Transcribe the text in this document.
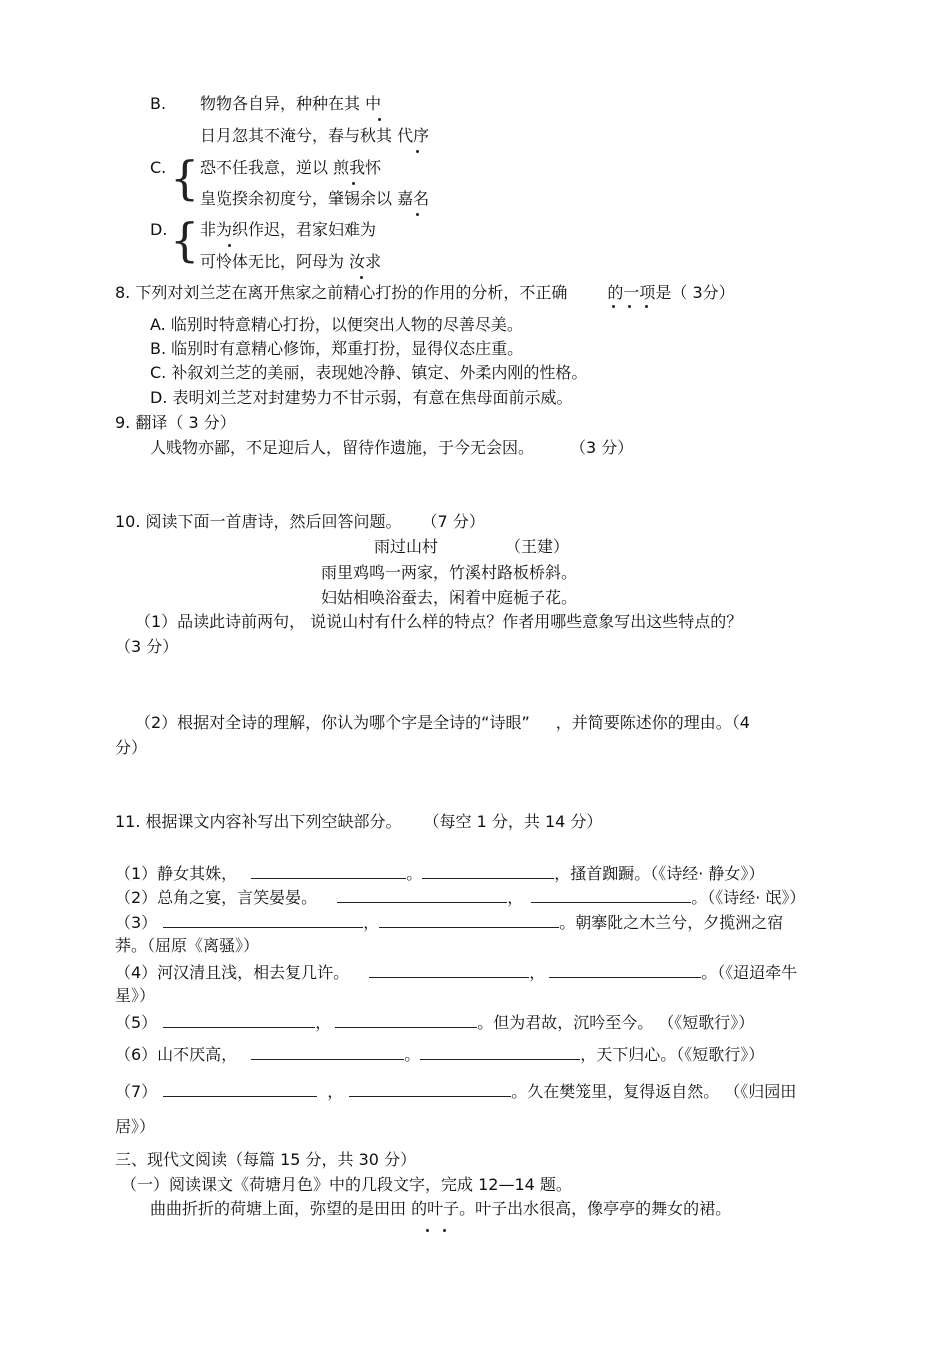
B. 物物各自异，种种在其 中
日月忽其不淹兮，春与秋其 代序
C. { 恐不任我意，逆以 煎我怀
皇览揆余初度兮，肇锡余以 嘉名
D. { 非为织作迟，君家妇难为
可怜体无比，阿母为 汝求
8. 下列对刘兰芝在离开焦家之前精心打扮的作用的分析，不正确	的一项是（ 3分）
A. 临别时特意精心打扮，以便突出人物的尽善尽美。
B. 临别时有意精心修饰，郑重打扮，显得仪态庄重。
C. 补叙刘兰芝的美丽，表现她冷静、镇定、外柔内刚的性格。
D. 表明刘兰芝对封建势力不甘示弱，有意在焦母面前示威。
9. 翻译（ 3 分）
人贱物亦鄙，不足迎后人，留待作遗施，于今无会因。 （3 分）
10. 阅读下面一首唐诗，然后回答问题。 （7 分）
雨过山村	（王建）
雨里鸡鸣一两家，竹溪村路板桥斜。
妇姑相唤浴蚕去，闲着中庭栀子花。
（1）品读此诗前两句， 说说山村有什么样的特点？作者用哪些意象写出这些特点的？
（3 分）
（2）根据对全诗的理解，你认为哪个字是全诗的“诗眼” ，并简要陈述你的理由。（4
分）
11. 根据课文内容补写出下列空缺部分。 （每空 1 分，共 14 分）
（1）静女其姝，	。	，搔首踟蹰。（《诗经· 静女》）
（2）总角之宴，言笑晏晏。	，	。（《诗经· 氓》）
（3）	，	。朝搴阰之木兰兮，夕揽洲之宿
莽。（屈原《离骚》）
（4）河汉清且浅，相去复几许。	，	。（《迢迢牵牛
星》）
（5）	，	。但为君故，沉吟至今。 （《短歌行》）
（6）山不厌高，	。	，天下归心。（《短歌行》）
（7）	，	。久在樊笼里，复得返自然。 （《归园田
居》）
三、现代文阅读（每篇 15 分，共 30 分）
（一）阅读课文《荷塘月色》中的几段文字，完成 12—14 题。
曲曲折折的荷塘上面，弥望的是田田 的叶子。叶子出水很高，像亭亭的舞女的裙。
